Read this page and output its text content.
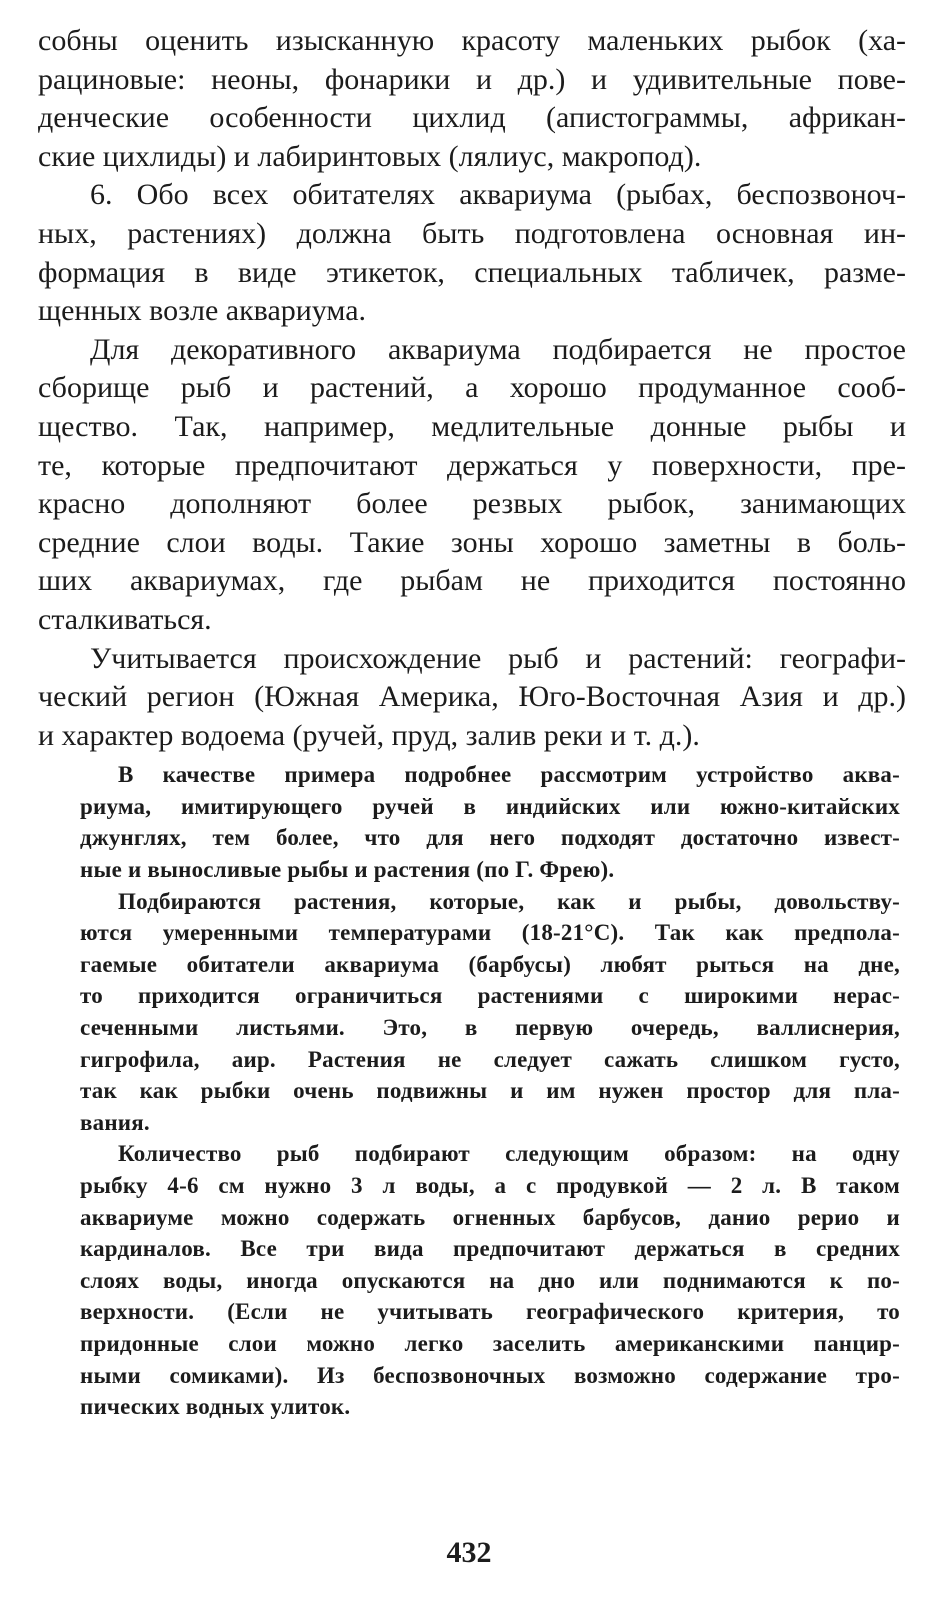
собны оценить изысканную красоту маленьких рыбок (ха-
рациновые: неоны, фонарики и др.) и удивительные пове-
денческие особенности цихлид (апистограммы, африкан-
ские цихлиды) и лабиринтовых (лялиус, макропод).
6. Обо всех обитателях аквариума (рыбах, беспозвоноч-
ных, растениях) должна быть подготовлена основная ин-
формация в виде этикеток, специальных табличек, разме-
щенных возле аквариума.
Для декоративного аквариума подбирается не простое
сборище рыб и растений, а хорошо продуманное сооб-
щество. Так, например, медлительные донные рыбы и
те, которые предпочитают держаться у поверхности, пре-
красно дополняют более резвых рыбок, занимающих
средние слои воды. Такие зоны хорошо заметны в боль-
ших аквариумах, где рыбам не приходится постоянно
сталкиваться.
Учитывается происхождение рыб и растений: географи-
ческий регион (Южная Америка, Юго-Восточная Азия и др.)
и характер водоема (ручей, пруд, залив реки и т. д.).
В качестве примера подробнее рассмотрим устройство аква-
риума, имитирующего ручей в индийских или южно-китайских
джунглях, тем более, что для него подходят достаточно извест-
ные и выносливые рыбы и растения (по Г. Фрею).
Подбираются растения, которые, как и рыбы, довольству-
ются умеренными температурами (18-21°С). Так как предпола-
гаемые обитатели аквариума (барбусы) любят рыться на дне,
то приходится ограничиться растениями с широкими нерас-
сеченными листьями. Это, в первую очередь, валлиснерия,
гигрофила, аир. Растения не следует сажать слишком густо,
так как рыбки очень подвижны и им нужен простор для пла-
вания.
Количество рыб подбирают следующим образом: на одну
рыбку 4-6 см нужно 3 л воды, а с продувкой — 2 л. В таком
аквариуме можно содержать огненных барбусов, данио рерио и
кардиналов. Все три вида предпочитают держаться в средних
слоях воды, иногда опускаются на дно или поднимаются к по-
верхности. (Если не учитывать географического критерия, то
придонные слои можно легко заселить американскими панцир-
ными сомиками). Из беспозвоночных возможно содержание тро-
пических водных улиток.
432
